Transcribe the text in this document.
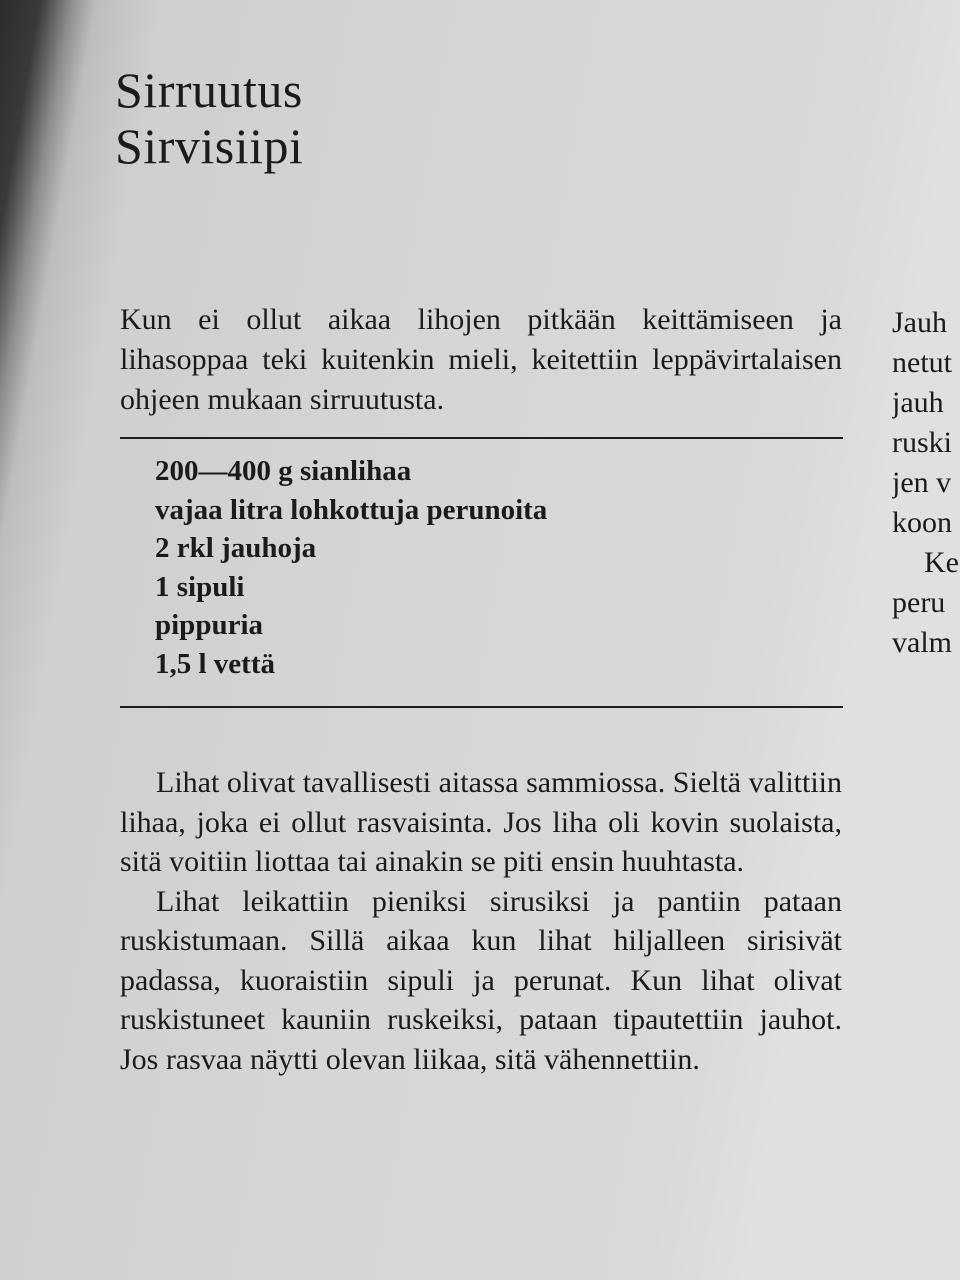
Sirruutus
Sirvisiipi

Kun ei ollut aikaa lihojen pitkään keittämiseen ja lihasoppaa teki kuitenkin mieli, keitettiin leppävirtalaisen ohjeen mukaan sirruutusta.

200—400 g sianlihaa
vajaa litra lohkottuja perunoita
2 rkl jauhoja
1 sipuli
pippuria
1,5 l vettä

Lihat olivat tavallisesti aitassa sammiossa. Sieltä valittiin lihaa, joka ei ollut rasvaisinta. Jos liha oli kovin suolaista, sitä voitiin liottaa tai ainakin se piti ensin huuhtasta.

Lihat leikattiin pieniksi sirusiksi ja pantiin pataan ruskistumaan. Sillä aikaa kun lihat hiljalleen sirisivät padassa, kuoraistiin sipuli ja perunat. Kun lihat olivat ruskistuneet kauniin ruskeiksi, pataan tipautettiin jauhot. Jos rasvaa näytti olevan liikaa, sitä vähennettiin.

Jauh
netut
jauh
ruski
jen v
koon
Ke
peru
valm
